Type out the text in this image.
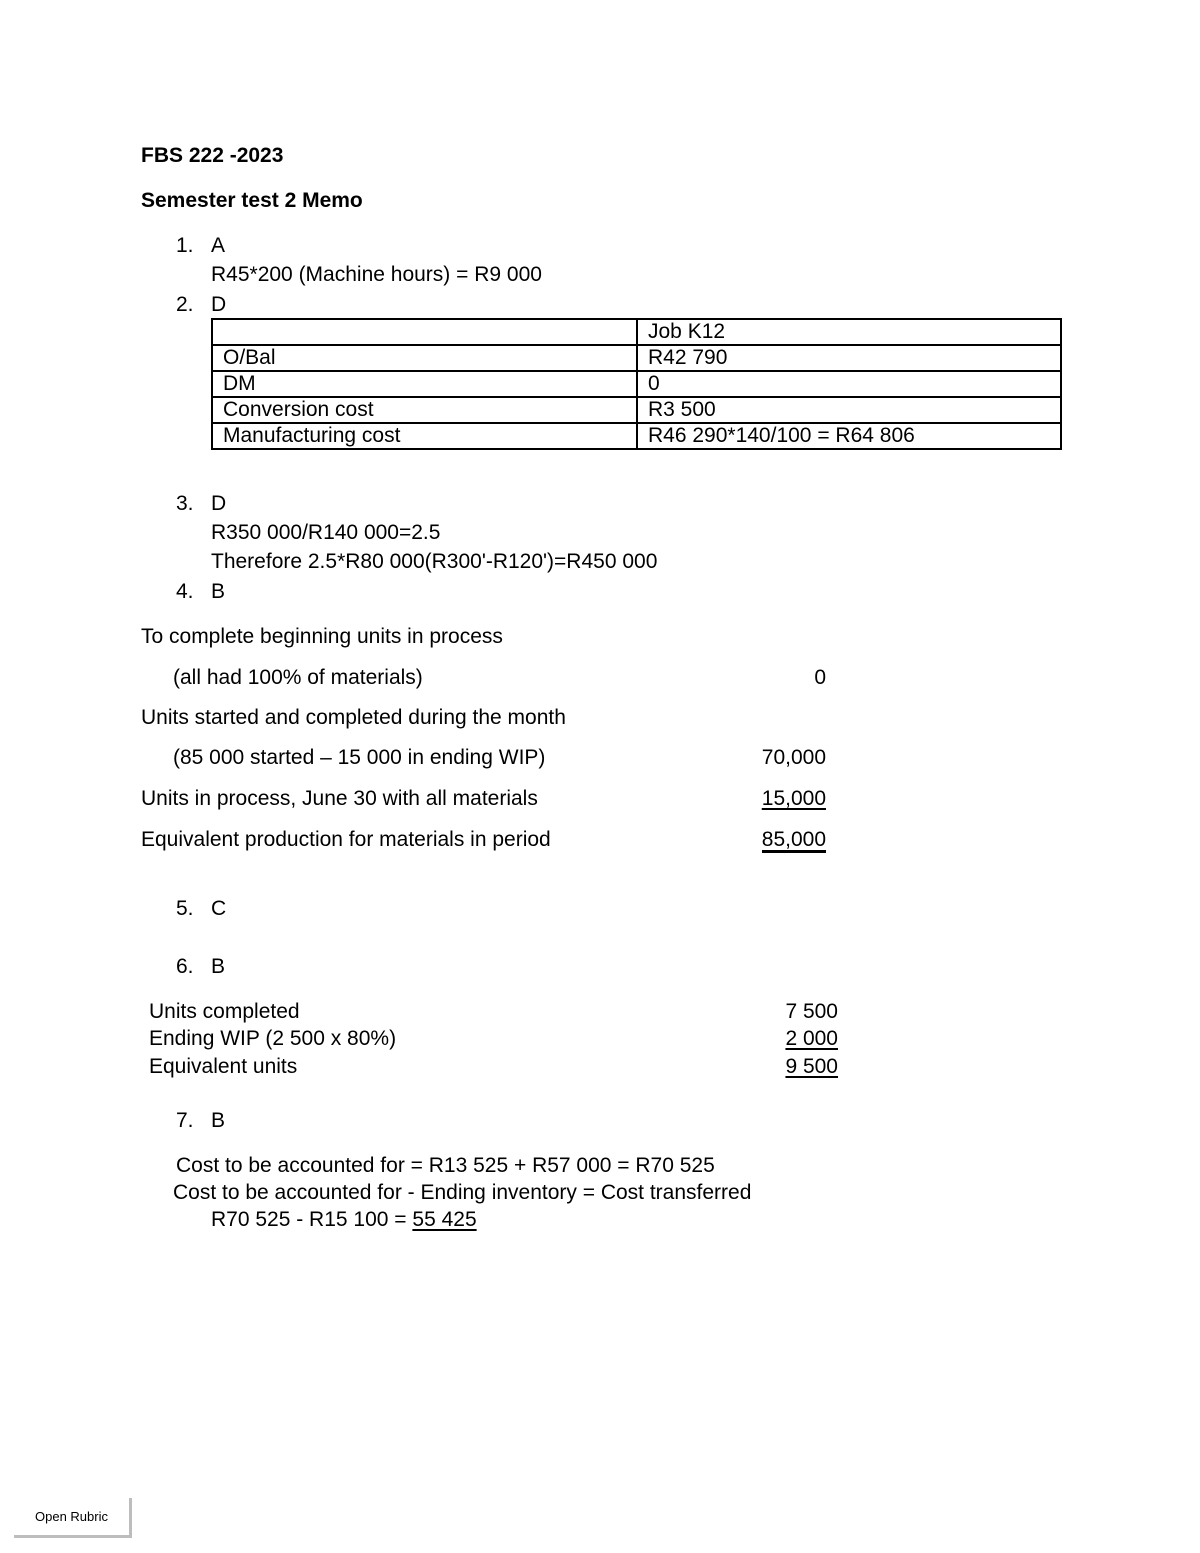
FBS 222 -2023
Semester test 2 Memo
1. A
R45*200 (Machine hours) = R9 000
2. D
	Job K12
O/Bal	R42 790
DM	0
Conversion cost	R3 500
Manufacturing cost	R46 290*140/100 = R64 806
3. D
R350 000/R140 000=2.5
Therefore 2.5*R80 000(R300'-R120')=R450 000
4. B
To complete beginning units in process
(all had 100% of materials)	0
Units started and completed during the month
(85 000 started – 15 000 in ending WIP)	70,000
Units in process, June 30 with all materials	15,000
Equivalent production for materials in period	85,000
5. C
6. B
Units completed	7 500
Ending WIP (2 500 x 80%)	2 000
Equivalent units	9 500
7. B
Cost to be accounted for = R13 525 + R57 000 = R70 525
Cost to be accounted for - Ending inventory = Cost transferred
R70 525 - R15 100 = 55 425
Open Rubric
